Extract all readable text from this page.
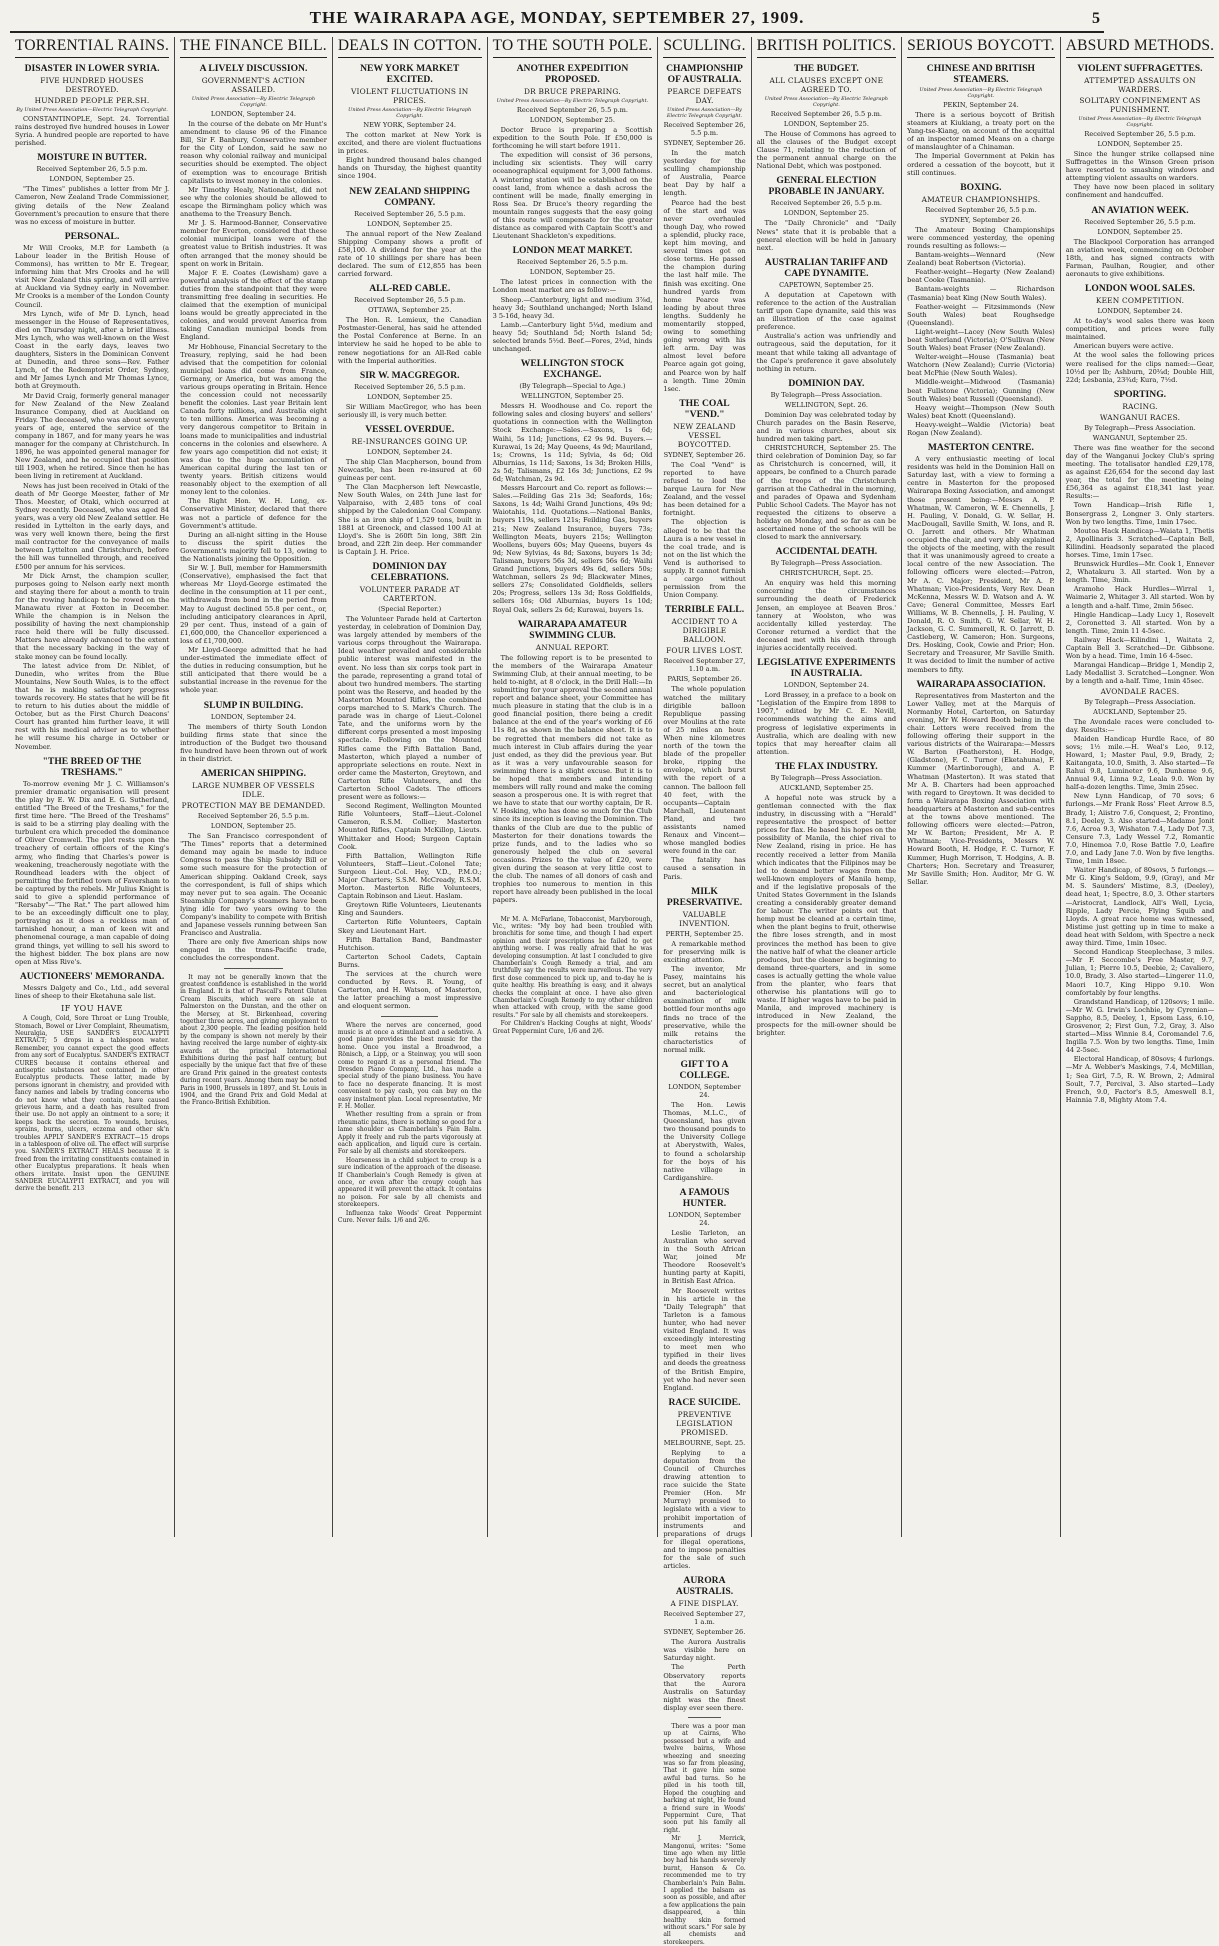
THE WAIRARAPA AGE, MONDAY, SEPTEMBER 27, 1909.	5
TORRENTIAL RAINS.
DISASTER IN LOWER SYRIA.
FIVE HUNDRED HOUSES DESTROYED.
HUNDRED PEOPLE PER.SH.
By United Press Association—Electric Telegraph Copyright.

CONSTANTINOPLE, Sept. 24. Torrential rains destroyed five hundred houses in Lower Syria. A hundred people are reported to have perished.

MOISTURE IN BUTTER.
Received September 26, 5.5 p.m.
LONDON, September 25.

"The Times" publishes a letter from Mr J. Cameron, New Zealand Trade Commissioner, giving details of the New Zealand Government's precaution to ensure that there was no excess of moisture in butter.

PERSONAL.

Mr Will Crooks, M.P. for Lambeth (a Labour leader in the British House of Commons), has written to Mr E. Tregear, informing him that Mrs Crooks and he will visit New Zealand this spring, and will arrive at Auckland via Sydney early in November. Mr Crooks is a member of the London County Council.

Mrs Lynch, wife of Mr D. Lynch, head messenger in the House of Representatives, died on Thursday night, after a brief illness. Mrs Lynch, who was well-known on the West Coast in the early days, leaves two daughters, Sisters in the Dominican Convent at Dunedin, and three sons—Rev. Father Lynch, of the Redemptorist Order, Sydney, and Mr James Lynch and Mr Thomas Lynce, both at Greymouth.

Mr David Craig, formerly general manager for New Zealand of the New Zealand Insurance Company, died at Auckland on Friday. The deceased, who was about seventy years of age, entered the service of the company in 1867, and for many years he was manager for the company at Christchurch. In 1896, he was appointed general manager for New Zealand, and he occupied that position till 1903, when he retired. Since then he has been living in retirement at Auckland.

News has just been received in Otaki of the death of Mr George Meester, father of Mr Thos. Meester, of Otaki, which occurred at Sydney recently. Deceased, who was aged 84 years, was a very old New Zealand settler. He resided in Lyttelton in the early days, and was very well known there, being the first mail contractor for the conveyance of mails between Lyttelton and Christchurch, before the hill was tunnelled through, and received £500 per annum for his services.

Mr Dick Arnst, the champion sculler, purposes going to Nelson early next month and staying there for about a month to train for the rowing handicap to be rowed on the Manawatu river at Foxton in December. While the champion is in Nelson the possibility of having the next championship race held there will be fully discussed. Matters have already advanced to the extent that the necessary backing in the way of stake money can be found locally.

The latest advice from Dr. Niblet, of Dunedin, who writes from the Blue Mountains, New South Wales, is to the effect that he is making satisfactory progress towards recovery. He states that he will be fit to return to his duties about the middle of October, but as the First Church Deacons' Court has granted him further leave, it will rest with his medical adviser as to whether he will resume his charge in October or November.

"THE BREED OF THE TRESHAMS."

To-morrow evening Mr J. C. Williamson's premier dramatic organisation will present the play by E. W. Dix and E. G. Sutherland, entitled "The Breed of the Treshams," for the first time here. "The Breed of the Treshams" is said to be a stirring play dealing with the turbulent era which preceded the dominance of Oliver Cromwell. The plot rests upon the treachery of certain officers of the King's army, who finding that Charles's power is weakening, treacherously negotiate with the Roundhead leaders with the object of permitting the fortified town of Faversham to be captured by the rebels. Mr Julius Knight is said to give a splendid performance of "Rersaby"—"The Rat." The part allowed him to be an exceedingly difficult one to play, portraying as it does a reckless man of tarnished honour, a man of keen wit and phenomenal courage, a man capable of doing grand things, yet willing to sell his sword to the highest bidder. The box plans are now open at Miss Rive's.

AUCTIONEERS' MEMORANDA.

Messrs Dalgety and Co., Ltd., add several lines of sheep to their Eketahuna sale list.

IF YOU HAVE

A Cough, Cold, Sore Throat or Lung Trouble, Stomach, Bowel or Liver Complaint, Rheumatism, Neuralgia, USE SANDER'S EUCALYPTI EXTRACT; 5 drops in a tablespoon water. Remember, you cannot expect the good effects from any sort of Eucalyptus. SANDER'S EXTRACT CURES because it contains ethereal and antiseptic substances not contained in other Eucalyptus products. These latter, made by persons ignorant in chemistry, and provided with fancy names and labels by trading concerns who do not know what they contain, have caused grievous harm, and a death has resulted from their use. Do not apply an ointment to a sore; it keeps back the secretion. To wounds, bruises, sprains, burns, ulcers, eczema and other sk'n troubles APPLY SANDER'S EXTRACT—15 drops in a tablespoon of olive oil. The effect will surprise you. SANDER'S EXTRACT HEALS because it is freed from the irritating constituents contained in other Eucalyptus preparations. It heals when others irritate. Insist upon the GENUINE SANDER EUCALYPTI EXTRACT, and you will derive the benefit. 213

THE FINANCE BILL.
A LIVELY DISCUSSION.
GOVERNMENT'S ACTION ASSAILED.
United Press Association—By Electric Telegraph Copyright.
LONDON, September 24.

In the course of the debate on Mr Hunt's amendment to clause 96 of the Finance Bill, Sir F. Banbury, Conservative member for the City of London, said he saw no reason why colonial railway and municipal securities should be exempted. The object of exemption was to encourage British capitalists to invest money in the colonies.

Mr Timothy Healy, Nationalist, did not see why the colonies should be allowed to escape the Birmingham policy which was anathema to the Treasury Bench.

Mr J. S. Harmood-Banner, Conservative member for Everton, considered that these colonial municipal loans were of the greatest value to British industries. It was often arranged that the money should be spent on work in Britain.

Major F. E. Coates (Lewisham) gave a powerful analysis of the effect of the stamp duties from the standpoint that they were transmitting free dealing in securities. He claimed that the exemption of municipal loans would be greatly appreciated in the colonies, and would prevent America from taking Canadian municipal bonds from England.

Mr Hobhouse, Financial Secretary to the Treasury, replying, said he had been advised that the competition for colonial municipal loans did come from France, Germany, or America, but was among the various groups operating in Britain. Hence the concession could not necessarily benefit the colonies. Last year Britain lent Canada forty millions, and Australia eight to ten millions. America was becoming a very dangerous competitor to Britain in loans made to municipalities and industrial concerns in the colonies and elsewhere. A few years ago competition did not exist; it was due to the huge accumulation of American capital during the last ten or twenty years. British citizens would reasonably object to the exemption of all money lent to the colonies.

The Right Hon. W. H. Long, ex-Conservative Minister, declared that there was not a particle of defence for the Government's attitude.

During an all-night sitting in the House to discuss the spirit duties the Government's majority fell to 13, owing to the Nationalists joining the Opposition.

Sir W. J. Bull, member for Hammersmith (Conservative), emphasised the fact that whereas Mr Lloyd-George estimated the decline in the consumption at 11 per cent., withdrawals from bond in the period from May to August declined 55.8 per cent., or, including anticipatory clearances in April, 29 per cent. Thus, instead of a gain of £1,600,000, the Chancellor experienced a loss of £1,700,000.

Mr Lloyd-George admitted that he had under-estimated the immediate effect of the duties in reducing consumption, but he still anticipated that there would be a substantial increase in the revenue for the whole year.

SLUMP IN BUILDING.
LONDON, September 24.

The members of thirty South London building firms state that since the introduction of the Budget two thousand five hundred have been thrown out of work in their district.

AMERICAN SHIPPING.
LARGE NUMBER OF VESSELS IDLE.
PROTECTION MAY BE DEMANDED.
Received September 26, 5.5 p.m.
LONDON, September 25.

The San Francisco correspondent of "The Times" reports that a determined demand may again be made to induce Congress to pass the Ship Subsidy Bill or some such measure for the protection of American shipping. Oakland Creek, says the correspondent, is full of ships which may never put to sea again. The Oceanic Steamship Company's steamers have been lying idle for two years owing to the Company's inability to compete with British and Japanese vessels running between San Francisco and Australia.

There are only five American ships now engaged in the trans-Pacific trade, concludes the correspondent.

It may not be generally known that the greatest confidence is established in the world in England. It is that of Pascall's Patent Gluten Cream Biscuits, which were on sale at Palmerston on the Dunstan, and the other on the Mersey, at St. Birkenhead, covering together three acres, and giving employment to about 2,300 people. The leading position held by the company is shown not merely by their having received the large number of eighty-six awards at the principal International Exhibitions during the past half century, but especially by the unique fact that five of these are Grand Prix gained in the greatest contests during recent years. Among them may be noted Paris in 1900, Brussels in 1897, and St. Louis in 1904, and the Grand Prix and Gold Medal at the Franco-British Exhibition.

DEALS IN COTTON.
NEW YORK MARKET EXCITED.
VIOLENT FLUCTUATIONS IN PRICES.
United Press Association—By Electric Telegraph Copyright.
NEW YORK, September 24.

The cotton market at New York is excited, and there are violent fluctuations in prices.

Eight hundred thousand bales changed hands on Thursday, the highest quantity since 1904.

NEW ZEALAND SHIPPING COMPANY.
Received September 26, 5.5 p.m.
LONDON, September 25.

The annual report of the New Zealand Shipping Company shows a profit of £58,100. A dividend for the year at the rate of 10 shillings per share has been declared. The sum of £12,855 has been carried forward.

ALL-RED CABLE.
Received September 26, 5.5 p.m.
OTTAWA, September 25.

The Hon. R. Lemieux, the Canadian Postmaster-General, has said he attended the Postal Conference at Berne. In an interview he said he hoped to be able to renew negotiations for an All-Red cable with the Imperial authorities.

SIR W. MACGREGOR.
Received September 26, 5.5 p.m.
LONDON, September 25.

Sir William MacGregor, who has been seriously ill, is very much better.

VESSEL OVERDUE.
RE-INSURANCES GOING UP.
LONDON, September 24.

The ship Clan Macpherson, bound from Newcastle, has been re-insured at 60 guineas per cent.

The Clan Macpherson left Newcastle, New South Wales, on 24th June last for Valparaiso, with 2,485 tons of coal shipped by the Caledonian Coal Company. She is an iron ship of 1,529 tons, built in 1881 at Greenock, and classed 100 A1 at Lloyd's. She is 260ft 5in long, 38ft 2in broad, and 22ft 2in deep. Her commander is Captain J. H. Price.

DOMINION DAY CELEBRATIONS.
VOLUNTEER PARADE AT CARTERTON.
(Special Reporter.)

The Volunteer Parade held at Carterton yesterday, in celebration of Dominion Day, was largely attended by members of the various corps throughout the Wairarapa. Ideal weather prevailed and considerable public interest was manifested in the event. No less than six corps took part in the parade, representing a grand total of about two hundred members. The starting point was the Reserve, and headed by the Masterton Mounted Rifles, the combined corps marched to S. Mark's Church. The parade was in charge of Lieut.-Colonel Tate, and the uniforms worn by the different corps presented a most imposing spectacle. Following on the Mounted Rifles came the Fifth Battalion Band, Masterton, which played a number of appropriate selections en route. Next in order came the Masterton, Greytown, and Carterton Rifle Volunteers, and the Carterton School Cadets. The officers present were as follows:—

Second Regiment, Wellington Mounted Rifle Volunteers, Staff—Lieut.-Colonel Cameron, R.S.M. Collier; Masterton Mounted Rifles, Captain McKillop, Lieuts. Whittaker and Hood; Surgeon Captain Cook.

Fifth Battalion, Wellington Rifle Volunteers, Staff—Lieut.-Colonel Tate; Surgeon Lieut.-Col. Hey, V.D., P.M.O.; Major Charters; S.S.M. McCready, R.S.M. Morton. Masterton Rifle Volunteers, Captain Robinson and Lieut. Haslam.

Greytown Rifle Volunteers, Lieutenants King and Saunders.

Carterton Rifle Volunteers, Captain Skey and Lieutenant Hart.

Fifth Battalion Band, Bandmaster Hutchison.

Carterton School Cadets, Captain Burns.

The services at the church were conducted by Revs. R. Young, of Carterton, and H. Watson, of Masterton, the latter preaching a most impressive and eloquent sermon.

Where the nerves are concerned, good music is at once a stimulant and a sedative. A good piano provides the best music for the home. Once you instal a Broadwood, a Rönisch, a Lipp, or a Steinway, you will soon come to regard it as a personal friend. The Dresden Piano Company, Ltd., has made a special study of the piano business. You have to face no desperate financing. It is most convenient to pay cash, you can buy on the easy instalment plan. Local representative, Mr F. H. Moller.

Whether resulting from a sprain or from rheumatic pains, there is nothing so good for a lame shoulder as Chamberlain's Pain Balm. Apply it freely and rub the parts vigorously at each application, and liquid cure is certain. For sale by all chemists and storekeepers.

Hoarseness in a child subject to croup is a sure indication of the approach of the disease. If Chamberlain's Cough Remedy is given at once, or even after the croupy cough has appeared it will prevent the attack. It contains no poison. For sale by all chemists and storekeepers.

Influenza take Woods' Great Peppermint Cure. Never fails. 1/6 and 2/6.

TO THE SOUTH POLE.
ANOTHER EXPEDITION PROPOSED.
DR BRUCE PREPARING.
United Press Association—By Electric Telegraph Copyright.
Received September 26, 5.5 p.m.
LONDON, September 25.

Doctor Bruce is preparing a Scottish expedition to the South Pole. If £50,000 is forthcoming he will start before 1911.

The expedition will consist of 36 persons, including six scientists. They will carry oceanographical equipment for 3,000 fathoms. A wintering station will be established on the coast land, from whence a dash across the continent will be made, finally emerging in Ross Sea. Dr Bruce's theory regarding the mountain ranges suggests that the easy going of this route will compensate for the greater distance as compared with Captain Scott's and Lieutenant Shackleton's expeditions.

LONDON MEAT MARKET.
Received September 26, 5.5 p.m.
LONDON, September 25.

The latest prices in connection with the London meat market are as follow:—

Sheep.—Canterbury, light and medium 3⅞d, heavy 3d; Southland unchanged; North Island 3 5-16d, heavy 3d.

Lamb.—Canterbury light 5¼d, medium and heavy 5d; Southland 5d; North Island 5d; selected brands 5½d. Beef.—Fores, 2¾d, hinds unchanged.

WELLINGTON STOCK EXCHANGE.
(By Telegraph—Special to Age.)
WELLINGTON, September 25.

Messrs H. Woodhouse and Co. report the following sales and closing buyers' and sellers' quotations in connection with the Wellington Stock Exchange:—Sales.—Saxons, 1s 6d; Waihi, 5s 11d; Junctions, £2 9s 9d. Buyers.—Kurawai, 1s 2d; May Queens, 4s 9d; Mauriland, 1s; Crowns, 1s 11d; Sylvia, 4s 6d; Old Alburnias, 1s 11d; Saxons, 1s 3d; Broken Hills, 2s 5d; Talismans, £2 16s 3d; Junctions, £2 9s 6d; Watchman, 2s 9d.

Messrs Harcourt and Co. report as follows:—Sales.—Feilding Gas 21s 3d; Seafords, 16s; Saxons, 1s 4d; Waihi Grand Junctions, 49s 9d; Waiotahis, 11d. Quotations.—National Banks, buyers 119s, sellers 121s; Feilding Gas, buyers 21s; New Zealand Insurance, buyers 73s; Wellington Meats, buyers 215s; Wellington Woollens, buyers 60s; May Queens, buyers 4s 9d; New Sylvias, 4s 8d; Saxons, buyers 1s 3d; Talisman, buyers 56s 3d, sellers 56s 6d; Waihi Grand Junctions, buyers 49s 6d, sellers 50s; Watchman, sellers 2s 9d; Blackwater Mines, sellers 27s; Consolidated Goldfields, sellers 20s; Progress, sellers 13s 3d; Ross Goldfields, sellers 16s; Old Alburnias, buyers 1s 10d; Royal Oak, sellers 2s 6d; Kurawai, buyers 1s.

WAIRARAPA AMATEUR SWIMMING CLUB.
ANNUAL REPORT.

The following report is to be presented to the members of the Wairarapa Amateur Swimming Club, at their annual meeting, to be held to-night, at 8 o'clock, in the Drill Hall:—In submitting for your approval the second annual report and balance sheet, your Committee has much pleasure in stating that the club is in a good financial position, there being a credit balance at the end of the year's working of £6 11s 8d, as shown in the balance sheet. It is to be regretted that members did not take as much interest in Club affairs during the year just ended, as they did the previous year. But as it was a very unfavourable season for swimming there is a slight excuse. But it is to be hoped that members and intending members will rally round and make the coming season a prosperous one. It is with regret that we have to state that our worthy captain, Dr R. V. Hosking, who has done so much for the Club since its inception is leaving the Dominion. The thanks of the Club are due to the public of Masterton for their donations towards the prize funds, and to the ladies who so generously helped the club on several occasions. Prizes to the value of £20, were given during the season at very little cost to the club. The names of all donors of cash and trophies too numerous to mention in this report have already been published in the local papers.

Mr M. A. McFarlane, Tobacconist, Maryborough, Vic., writes: "My boy had been troubled with bronchitis for some time, and though I had expert opinion and their prescriptions he failed to get anything worse. I was really afraid that he was developing consumption. At last I concluded to give Chamberlain's Cough Remedy a trial, and am truthfully say the results were marvellous. The very first dose commenced to pick up, and to-day he is quite healthy. His breathing is easy, and it always checks the complaint at once. I have also given Chamberlain's Cough Remedy to my other children when attacked with croup, with the same good results." For sale by all chemists and storekeepers.

For Children's Hacking Coughs at night, Woods' Great Peppermint Cure, 1/6 and 2/6.

SCULLING.
CHAMPIONSHIP OF AUSTRALIA.
PEARCE DEFEATS DAY.
United Press Association—By Electric Telegraph Copyright.
Received September 26, 5.5 p.m.
SYDNEY, September 26.

In the match yesterday for the sculling championship of Australia, Pearce beat Day by half a length.

Pearce had the best of the start and was never overhauled though Day, who rowed a splendid, plucky race, kept him moving, and several times got on close terms. He passed the champion during the last half mile. The finish was exciting. One hundred yards from home Pearce was leading by about three lengths. Suddenly he momentarily stopped, owing to something going wrong with his left arm. Day was almost level before Pearce again got going, and Pearce won by half a length. Time 20min 1sec.

THE COAL "VEND."
NEW ZEALAND VESSEL BOYCOTTED.
SYDNEY, September 26.

The Coal "Vend" is reported to have refused to load the barque Laura for New Zealand, and the vessel has been detained for a fortnight.

The objection is alleged to be that the Laura is a new vessel in the coal trade, and is not on the list which the Vend is authorised to supply. It cannot furnish a cargo without permission from the Union Company.

TERRIBLE FALL.
ACCIDENT TO A DIRIGIBLE BALLOON.
FOUR LIVES LOST.
Received September 27, 1.10 a.m.
PARIS, September 26.

The whole population watched the military dirigible balloon Republique passing over Moulins at the rate of 25 miles an hour. When nine kilometres north of the town the blade of the propeller broke, ripping the envelope, which burst with the report of a cannon. The balloon fell 40 feet, with the occupants—Captain Marchall, Lieutenant Pland, and two assistants named Renaux and Vincent—whose mangled bodies were found in the car.

The fatality has caused a sensation in Paris.

MILK PRESERVATIVE.
VALUABLE INVENTION.
PERTH, September 25.

A remarkable method for preserving milk is exciting attention.

The inventor, Mr Pasey, maintains his secret, but an analytical and bacteriological examination of milk bottled four months ago finds no trace of the preservative, while the milk retains the characteristics of normal milk.

GIFT TO A COLLEGE.
LONDON, September 24.

The Hon. Lewis Thomas, M.L.C., of Queensland, has given two thousand pounds to the University College at Aberystwith, Wales, to found a scholarship for the boys of his native village in Cardiganshire.

A FAMOUS HUNTER.
LONDON, September 24.

Leslie Tarleton, an Australian who served in the South African War, joined Mr Theodore Roosevelt's hunting party at Kapiti, in British East Africa.

Mr Roosevelt writes in his article in the "Daily Telegraph" that Tarleton is a famous hunter, who had never visited England. It was exceedingly interesting to meet men who typified in their lives and deeds the greatness of the British Empire, yet who had never seen England.

RACE SUICIDE.
PREVENTIVE LEGISLATION PROMISED.
MELBOURNE, Sept. 25.

Replying to a deputation from the Council of Churches drawing attention to race suicide the State Premier (Hon. Mr Murray) promised to legislate with a view to prohibit importation of instruments and preparations of drugs for illegal operations, and to impose penalties for the sale of such articles.

AURORA AUSTRALIS.
A FINE DISPLAY.
Received September 27, 1 a.m.
SYDNEY, September 26.

The Aurora Australis was visible here on Saturday night.

The Perth Observatory reports that the Aurora Australis on Saturday night was the finest display ever seen there.

There was a poor man up at Cairns, Who possessed but a wife and twelve bairns, Whose wheezing and sneezing was so far from pleasing, That it gave him some awful bad turns. So he piled in his tooth till, Hoped the coughing and barking at night, He found a friend sure in Woods' Peppermint Cure, That soon put his family all right.

Mr J. Merrick, Mangonui, writes: "Some time ago when my little boy had his hands severely burnt, Hanson & Co. recommended me to try Chamberlain's Pain Balm. I applied the balsam as soon as possible, and after a few applications the pain disappeared, a thin healthy skin formed without scars." For sale by all chemists and storekeepers.

BRITISH POLITICS.
THE BUDGET.
ALL CLAUSES EXCEPT ONE AGREED TO.
United Press Association—By Electric Telegraph Copyright.
Received September 26, 5.5 p.m.
LONDON, September 25.

The House of Commons has agreed to all the clauses of the Budget except Clause 71, relating to the reduction of the permanent annual charge on the National Debt, which was postponed.

GENERAL ELECTION PROBABLE IN JANUARY.
Received September 26, 5.5 p.m.
LONDON, September 25.

The "Daily Chronicle" and "Daily News" state that it is probable that a general election will be held in January next.

AUSTRALIAN TARIFF AND CAPE DYNAMITE.
CAPETOWN, September 25.

A deputation at Capetown with reference to the action of the Australian tariff upon Cape dynamite, said this was an illustration of the case against preference.

Australia's action was unfriendly and outrageous, said the deputation, for it meant that while taking all advantage of the Cape's preference it gave absolutely nothing in return.

DOMINION DAY.
By Telegraph—Press Association.
WELLINGTON, Sept. 26.

Dominion Day was celebrated today by Church parades on the Basin Reserve, and in various churches, about six hundred men taking part.

CHRISTCHURCH, September 25. The third celebration of Dominion Day, so far as Christchurch is concerned, will, it appears, be confined to a Church parade of the troops of the Christchurch garrison at the Cathedral in the morning, and parades of Opawa and Sydenham Public School Cadets. The Mayor has not requested the citizens to observe a holiday on Monday, and so far as can be ascertained none of the schools will be closed to mark the anniversary.

ACCIDENTAL DEATH.
By Telegraph—Press Association.
CHRISTCHURCH, Sept. 25.

An enquiry was held this morning concerning the circumstances surrounding the death of Frederick Jensen, an employee at Beaven Bros.' tannery at Woolston, who was accidentally killed yesterday. The Coroner returned a verdict that the deceased met with his death through injuries accidentally received.

LEGISLATIVE EXPERIMENTS IN AUSTRALIA.
LONDON, September 24.

Lord Brassey, in a preface to a book on "Legislation of the Empire from 1898 to 1907," edited by Mr C. E. Nevill, recommends watching the aims and progress of legislative experiments in Australia, which are dealing with new topics that may hereafter claim all attention.

THE FLAX INDUSTRY.
By Telegraph—Press Association.
AUCKLAND, September 25.

A hopeful note was struck by a gentleman connected with the flax industry, in discussing with a "Herald" representative the prospect of better prices for flax. He based his hopes on the possibility of Manila, the chief rival to New Zealand, rising in price. He has recently received a letter from Manila which indicates that the Filipinos may be led to demand better wages from the well-known employers of Manila hemp, and if the legislative proposals of the United States Government in the Islands creating a considerably greater demand for labour. The writer points out that hemp must be cleaned at a certain time, when the plant begins to fruit, otherwise the fibre loses strength, and in most provinces the method has been to give the native half of what the cleaner article produces, but the cleaner is beginning to demand three-quarters, and in some cases is actually getting the whole value from the planter, who fears that otherwise his plantations will go to waste. If higher wages have to be paid in Manila, and improved machinery is introduced in New Zealand, the prospects for the mill-owner should be brighter.

SERIOUS BOYCOTT.
CHINESE AND BRITISH STEAMERS.
United Press Association—By Electric Telegraph Copyright.
PEKIN, September 24.

There is a serious boycott of British steamers at Kiukiang, a treaty port on the Yang-tse-Kiang, on account of the acquittal of an inspector named Means on a charge of manslaughter of a Chinaman.

The Imperial Government at Pekin has ordered a cessation of the boycott, but it still continues.

BOXING.
AMATEUR CHAMPIONSHIPS.
Received September 26, 5.5 p.m.
SYDNEY, September 26.

The Amateur Boxing Championships were commenced yesterday, the opening rounds resulting as follows:—

Bantam-weights—Wennard (New Zealand) beat Robertson (Victoria).

Feather-weight—Hegarty (New Zealand) beat Cooke (Tasmania).

Bantam-weights — Richardson (Tasmania) beat King (New South Wales).

Feather-weight — Fitzsimmonds (New South Wales) beat Roughsedge (Queensland).

Light-weight—Lacey (New South Wales) beat Sutherland (Victoria); O'Sullivan (New South Wales) beat Fraser (New Zealand).

Welter-weight—House (Tasmania) beat Watchorn (New Zealand); Currie (Victoria) beat McPhie (New South Wales).

Middle-weight—Midwood (Tasmania) beat Fullstone (Victoria); Gunning (New South Wales) beat Russell (Queensland).

Heavy weight—Thompson (New South Wales) beat Knott (Queensland).

Heavy-weight—Waldie (Victoria) beat Rogan (New Zealand).

MASTERTON CENTRE.

A very enthusiastic meeting of local residents was held in the Dominion Hall on Saturday last, with a view to forming a centre in Masterton for the proposed Wairarapa Boxing Association, and amongst those present being:—Messrs A. P. Whatman, W. Cameron, W. E. Chennells, J. H. Pauling, V. Donald, G. W. Sellar, H. MacDougall, Saville Smith, W. Ions, and R. O. Jarrett and others. Mr Whatman occupied the chair, and very ably explained the objects of the meeting, with the result that it was unanimously agreed to create a local centre of the new Association. The following officers were elected:—Patron, Mr A. C. Major; President, Mr A. P. Whatman; Vice-Presidents, Very Rev. Dean McKenna, Messrs W. D. Watson and A. W. Cave; General Committee, Messrs Earl Williams, W. B. Chennells, J. H. Pauling, V. Donald, R. O. Smith, G. W. Sellar, W. H. Jackson, G. C. Summerell, R. O. Jarrett, D. Castleberg, W. Cameron; Hon. Surgeons, Drs. Hosking, Cook, Cowie and Prior; Hon. Secretary and Treasurer, Mr Saville Smith. It was decided to limit the number of active members to fifty.

WAIRARAPA ASSOCIATION.

Representatives from Masterton and the Lower Valley, met at the Marquis of Normanby Hotel, Carterton, on Saturday evening, Mr W. Howard Booth being in the chair. Letters were received from the following offering their support in the various districts of the Wairarapa:—Messrs W. Barton (Featherston), H. Hodge, (Gladstone), F. C. Turnor (Eketahuna), F. Kummer (Martinborough), and A. P. Whatman (Masterton). It was stated that Mr A. B. Charters had been approached with regard to Greytown. It was decided to form a Wairarapa Boxing Association with headquarters at Masterton and sub-centres at the towns above mentioned. The following officers were elected:—Patron, Mr W. Barton; President, Mr A. P. Whatman; Vice-Presidents, Messrs W. Howard Booth, H. Hodge, F. C. Turnor, F. Kummer, Hugh Morrison, T. Hodgins, A. B. Charters; Hon. Secretary and Treasurer, Mr Saville Smith; Hon. Auditor, Mr G. W. Sellar.

ABSURD METHODS.
VIOLENT SUFFRAGETTES.
ATTEMPTED ASSAULTS ON WARDERS.
SOLITARY CONFINEMENT AS PUNISHMENT.
United Press Association—By Electric Telegraph Copyright.
Received September 26, 5.5 p.m.
LONDON, September 25.

Since the hunger strike collapsed nine Suffragettes in the Winson Green prison have resorted to smashing windows and attempting violent assaults on warders.

They have now been placed in solitary confinement and handcuffed.

AN AVIATION WEEK.
Received September 26, 5.5 p.m.
LONDON, September 25.

The Blackpool Corporation has arranged an aviation week, commencing on October 18th, and has signed contracts with Farman, Paulhan, Rougier, and other aeronauts to give exhibitions.

LONDON WOOL SALES.
KEEN COMPETITION.
LONDON, September 24.

At to-day's wool sales there was keen competition, and prices were fully maintained.

American buyers were active.

At the wool sales the following prices were realised for the clips named:—Gear, 10½d per lb; Ashburn, 20¾d; Double Hill, 22d; Lesbania, 23¾d; Kura, 7½d.

SPORTING.
RACING.
WANGANUI RACES.
By Telegraph—Press Association.
WANGANUI, September 25.

There was fine weather for the second day of the Wanganui Jockey Club's spring meeting. The totalisator handled £29,178, as against £26,654 for the second day last year, the total for the meeting being £56,364 as against £18,341 last year. Results:—

Town Handicap—Irish Rifle 1, Bonsergrass 2, Longner 3. Only starters. Won by two lengths. Time, 1min 17sec.

Moutoa Hack Handicap—Waiata 1, Thetis 2, Apollinaris 3. Scratched—Captain Bell, Kilindini. Headsonly separated the placed horses. Time, 1min 17sec.

Brunswick Hurdles—Mr. Cook 1, Ennever 2, Whatakuru 3. All started. Won by a length. Time, 3min.

Aramoho Hack Hurdles—Wirral 1, Waimarie 2, Whitager 3. All started. Won by a length and a-half. Time, 2min 56sec.

Hingle Handicap—Lady Lucy 1, Rosevelt 2, Coronetted 3. All started. Won by a length. Time, 2min 11 4-5sec.

Railway Hack—Kilindini 1, Waitata 2, Captain Bell 3. Scratched—Dr. Gibbsone. Won by a head. Time, 1min 16 4-5sec.

Marangai Handicap—Bridge 1, Mendip 2, Lady Medallist 3. Scratched—Longner. Won by a length and a-half. Time, 1min 45sec.

AVONDALE RACES.
By Telegraph—Press Association.
AUCKLAND, September 25.

The Avondale races were concluded to-day. Results:—

Maiden Handicap Hurdle Race, of 80 sovs; 1½ mile.—H. Weal's Leo, 9.12, Howard, 1; Master Paul, 9.9, Brady, 2; Kaitangata, 10.0, Smith, 3. Also started—Te Rahui 9.8, Lumineter 9.6, Dunheme 9.6, Annual 9.4, Linna 9.2, Leala 9.0. Won by half-a-dozen lengths. Time, 3min 25sec.

New Lynn Handicap, of 70 sovs; 6 furlongs.—Mr Frank Ross' Fleet Arrow 8.5, Brady, 1; Aiistro 7.6, Conquest, 2; Frontino, 8.1, Deeley, 3. Also started—Madame Jonit 7.6, Acroa 9.3, Wishaton 7.4, Lady Dot 7.3, Censure 7.3, Lady Wessel 7.2, Romantic 7.0, Hinemoa 7.0, Rose Battle 7.0, Leafire 7.0, and Lady Jane 7.0. Won by five lengths. Time, 1min 18sec.

Waiter Handicap, of 80sovs, 5 furlongs.—Mr G. King's Seldom, 9.9, (Gray), and Mr M. S. Saunders' Mistime, 8.3, (Deeley), dead heat, 1; Spectre, 8.0, 3. Other starters—Aristocrat, Landlock, All's Well, Lycia, Ripple, Lady Percie, Flying Squib and Lloyds. A great race home was witnessed, Mistime just getting up in time to make a dead heat with Seldom, with Spectre a neck away third. Time, 1min 10sec.

Second Handicap Steeplechase, 3 miles.—Mr F. Seccombe's Free Master, 9.7, Julian, 1; Pierre 10.5, Deebie, 2; Cavaliero, 10.0, Brady, 3. Also started—Lingerer 11.0, Maori 10.7, King Hippo 9.10. Won comfortably by four lengths.

Grandstand Handicap, of 120sovs; 1 mile.—Mr W. G. Irwin's Lochbie, by Cyrenian—Sappho, 8.5, Deeley, 1, Epsom Lass, 6.10, Grosvenor, 2; First Gun, 7.2, Gray, 3. Also started—Miss Winnie 8.4, Coromandel 7.6, Ingilla 7.5. Won by two lengths. Time, 1min 44 2-5sec.

Electoral Handicap, of 80sovs; 4 furlongs.—Mr A. Webber's Maskings, 7.4, McMillan, 1; Sea Girl, 7.5, R. W. Brown, 2; Admiral Soult, 7.7, Percival, 3. Also started—Lady French, 9.0, Factor's 8.5, Ameswell 8.1, Hainnia 7.8, Mighty Atom 7.4.
